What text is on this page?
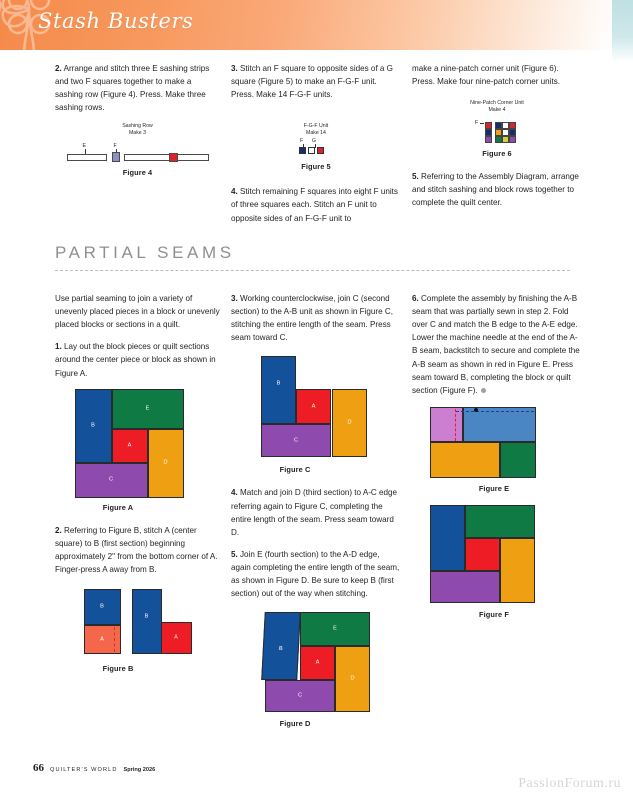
Stash Busters

2. Arrange and stitch three E sashing strips and two F squares together to make a sashing row (Figure 4). Press. Make three sashing rows.

Sashing Row
Make 3
E	F
Figure 4

3. Stitch an F square to opposite sides of a G square (Figure 5) to make an F-G-F unit. Press. Make 14 F-G-F units.

F-G-F Unit
Make 14
F G
Figure 5

4. Stitch remaining F squares into eight F units of three squares each. Stitch an F unit to opposite sides of an F-G-F unit to

make a nine-patch corner unit (Figure 6). Press. Make four nine-patch corner units.

Nine-Patch Corner Unit
Make 4
F
Figure 6

5. Referring to the Assembly Diagram, arrange and stitch sashing and block rows together to complete the quilt center.

PARTIAL SEAMS

Use partial seaming to join a variety of unevenly placed pieces in a block or unevenly placed blocks or sections in a quilt.

1. Lay out the block pieces or quilt sections around the center piece or block as shown in Figure A.

B
E
A
D
C
Figure A

2. Referring to Figure B, stitch A (center square) to B (first section) beginning approximately 2" from the bottom corner of A. Finger-press A away from B.

B
A
B
A
Figure B

3. Working counterclockwise, join C (second section) to the A-B unit as shown in Figure C, stitching the entire length of the seam. Press seam toward C.

B
A
D
C
Figure C

4. Match and join D (third section) to A-C edge referring again to Figure C, completing the entire length of the seam. Press seam toward D.

5. Join E (fourth section) to the A-D edge, again completing the entire length of the seam, as shown in Figure D. Be sure to keep B (first section) out of the way when stitching.

B
E
A
D
C
Figure D

6. Complete the assembly by finishing the A-B seam that was partially sewn in step 2. Fold over C and match the B edge to the A-E edge. Lower the machine needle at the end of the A-B seam, backstitch to secure and complete the A-B seam as shown in red in Figure E. Press seam toward B, completing the block or quilt section (Figure F).

Figure E
Figure F
66 QUILTER'S WORLD Spring 2026
PassionForum.ru
